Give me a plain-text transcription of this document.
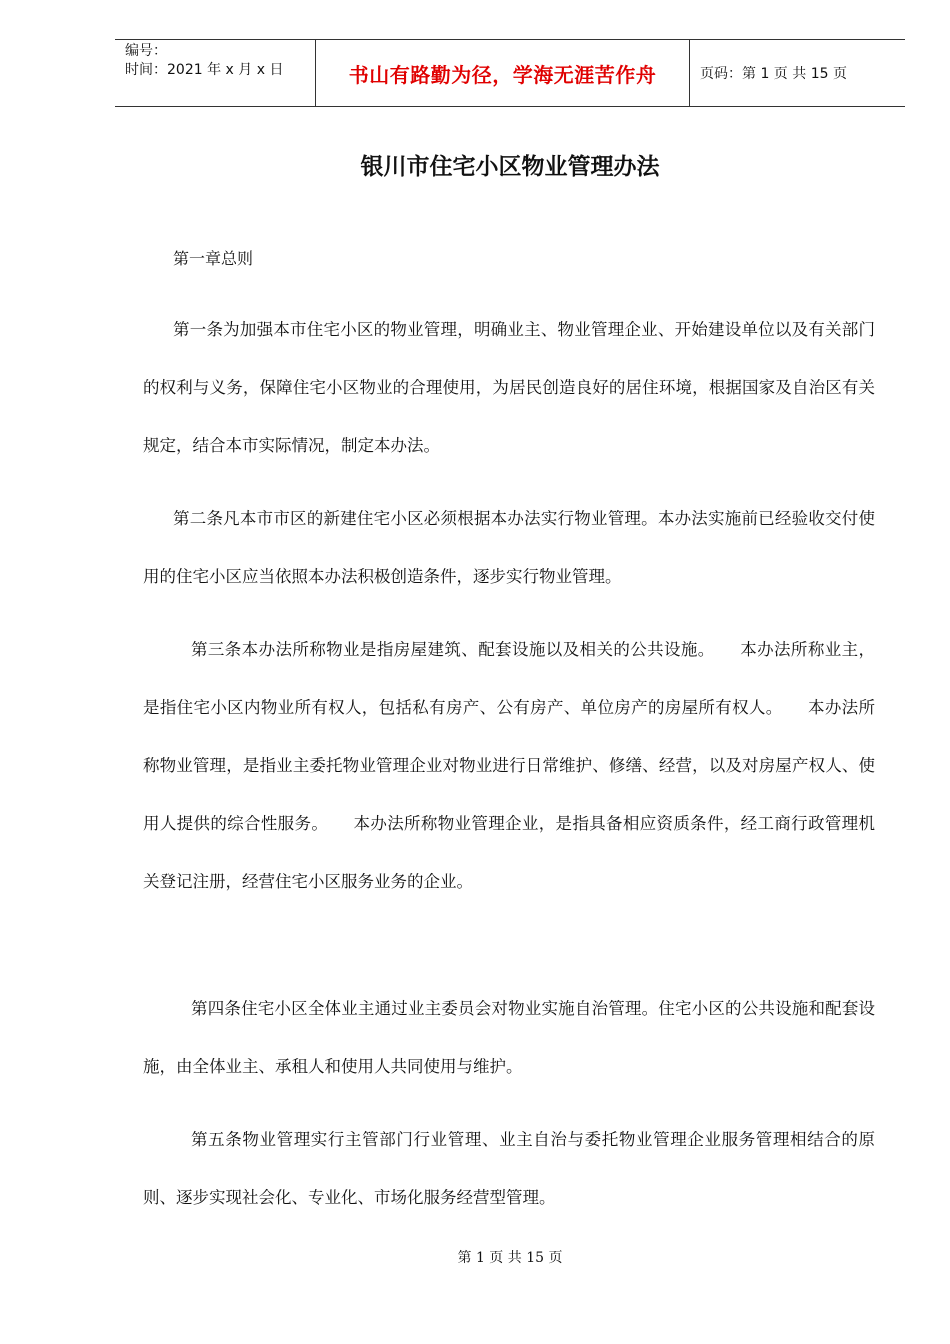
编号：
时间：2021 年 x 月 x 日	书山有路勤为径，学海无涯苦作舟	页码：第 1 页 共 15 页
银川市住宅小区物业管理办法
第一章总则
第一条为加强本市住宅小区的物业管理，明确业主、物业管理企业、开始建设单位以及有关部门的权利与义务，保障住宅小区物业的合理使用，为居民创造良好的居住环境，根据国家及自治区有关规定，结合本市实际情况，制定本办法。
第二条凡本市市区的新建住宅小区必须根据本办法实行物业管理。本办法实施前已经验收交付使用的住宅小区应当依照本办法积极创造条件，逐步实行物业管理。
第三条本办法所称物业是指房屋建筑、配套设施以及相关的公共设施。　　本办法所称业主，是指住宅小区内物业所有权人，包括私有房产、公有房产、单位房产的房屋所有权人。　　本办法所称物业管理，是指业主委托物业管理企业对物业进行日常维护、修缮、经营，以及对房屋产权人、使用人提供的综合性服务。　　本办法所称物业管理企业，是指具备相应资质条件，经工商行政管理机关登记注册，经营住宅小区服务业务的企业。
第四条住宅小区全体业主通过业主委员会对物业实施自治管理。住宅小区的公共设施和配套设施，由全体业主、承租人和使用人共同使用与维护。
第五条物业管理实行主管部门行业管理、业主自治与委托物业管理企业服务管理相结合的原则、逐步实现社会化、专业化、市场化服务经营型管理。
第 1 页 共 15 页
